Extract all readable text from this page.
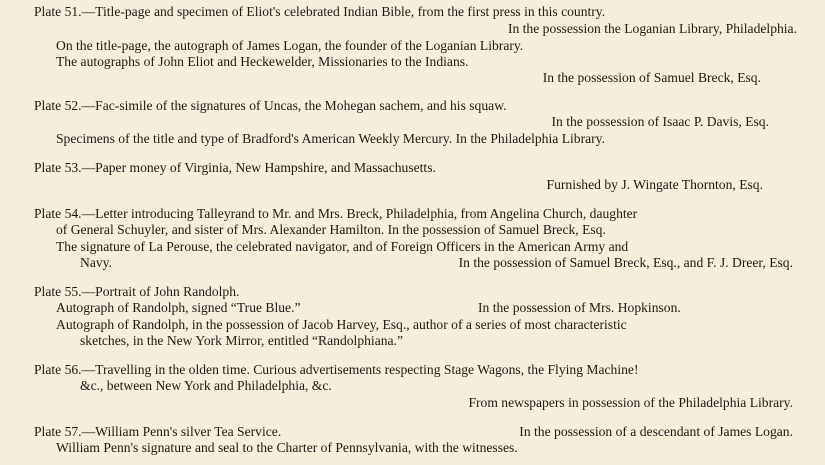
Plate 51.—Title-page and specimen of Eliot's celebrated Indian Bible, from the first press in this country.
In the possession the Loganian Library, Philadelphia.
On the title-page, the autograph of James Logan, the founder of the Loganian Library.
The autographs of John Eliot and Heckewelder, Missionaries to the Indians.
In the possession of Samuel Breck, Esq.
Plate 52.—Fac-simile of the signatures of Uncas, the Mohegan sachem, and his squaw.
In the possession of Isaac P. Davis, Esq.
Specimens of the title and type of Bradford's American Weekly Mercury. In the Philadelphia Library.
Plate 53.—Paper money of Virginia, New Hampshire, and Massachusetts.
Furnished by J. Wingate Thornton, Esq.
Plate 54.—Letter introducing Talleyrand to Mr. and Mrs. Breck, Philadelphia, from Angelina Church, daughter
of General Schuyler, and sister of Mrs. Alexander Hamilton. In the possession of Samuel Breck, Esq.
The signature of La Perouse, the celebrated navigator, and of Foreign Officers in the American Army and
Navy.	In the possession of Samuel Breck, Esq., and F. J. Dreer, Esq.
Plate 55.—Portrait of John Randolph.
Autograph of Randolph, signed “True Blue.”	In the possession of Mrs. Hopkinson.
Autograph of Randolph, in the possession of Jacob Harvey, Esq., author of a series of most characteristic
sketches, in the New York Mirror, entitled “Randolphiana.”
Plate 56.—Travelling in the olden time. Curious advertisements respecting Stage Wagons, the Flying Machine!
&c., between New York and Philadelphia, &c.
From newspapers in possession of the Philadelphia Library.
Plate 57.—William Penn's silver Tea Service.	In the possession of a descendant of James Logan.
William Penn's signature and seal to the Charter of Pennsylvania, with the witnesses.
